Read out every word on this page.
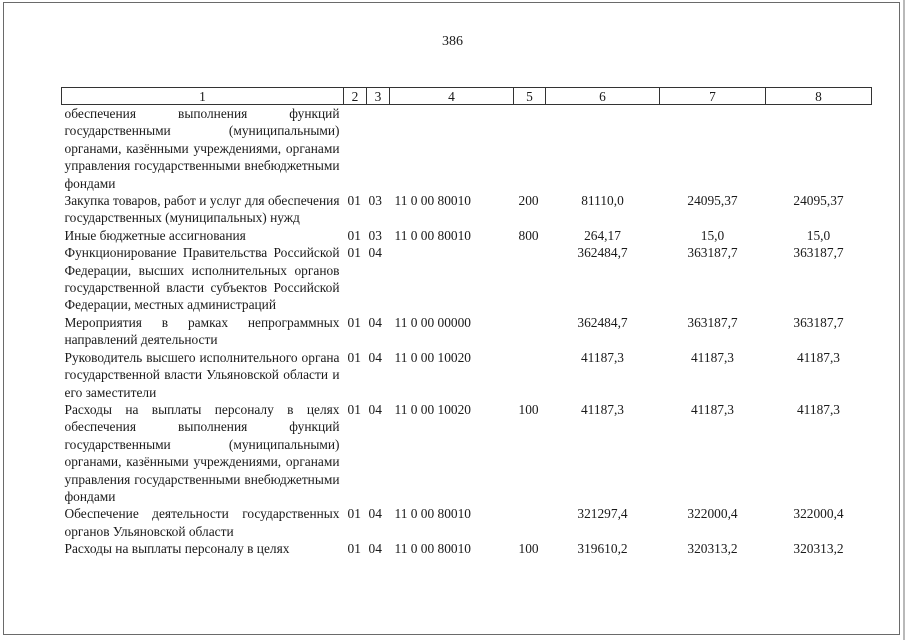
386
1	2	3	4	5	6	7	8
обеспечения выполнения функций государственными (муниципальными) органами, казёнными учреждениями, органами управления государственными внебюджетными фондами							
Закупка товаров, работ и услуг для обеспечения государственных (муниципальных) нужд	01	03	11 0 00 80010	200	81110,0	24095,37	24095,37
Иные бюджетные ассигнования	01	03	11 0 00 80010	800	264,17	15,0	15,0
Функционирование Правительства Российской Федерации, высших исполнительных органов государственной власти субъектов Российской Федерации, местных администраций	01	04			362484,7	363187,7	363187,7
Мероприятия в рамках непрограммных направлений деятельности	01	04	11 0 00 00000		362484,7	363187,7	363187,7
Руководитель высшего исполнительного органа государственной власти Ульяновской области и его заместители	01	04	11 0 00 10020		41187,3	41187,3	41187,3
Расходы на выплаты персоналу в целях обеспечения выполнения функций государственными (муниципальными) органами, казёнными учреждениями, органами управления государственными внебюджетными фондами	01	04	11 0 00 10020	100	41187,3	41187,3	41187,3
Обеспечение деятельности государственных органов Ульяновской области	01	04	11 0 00 80010		321297,4	322000,4	322000,4
Расходы на выплаты персоналу в целях	01	04	11 0 00 80010	100	319610,2	320313,2	320313,2
